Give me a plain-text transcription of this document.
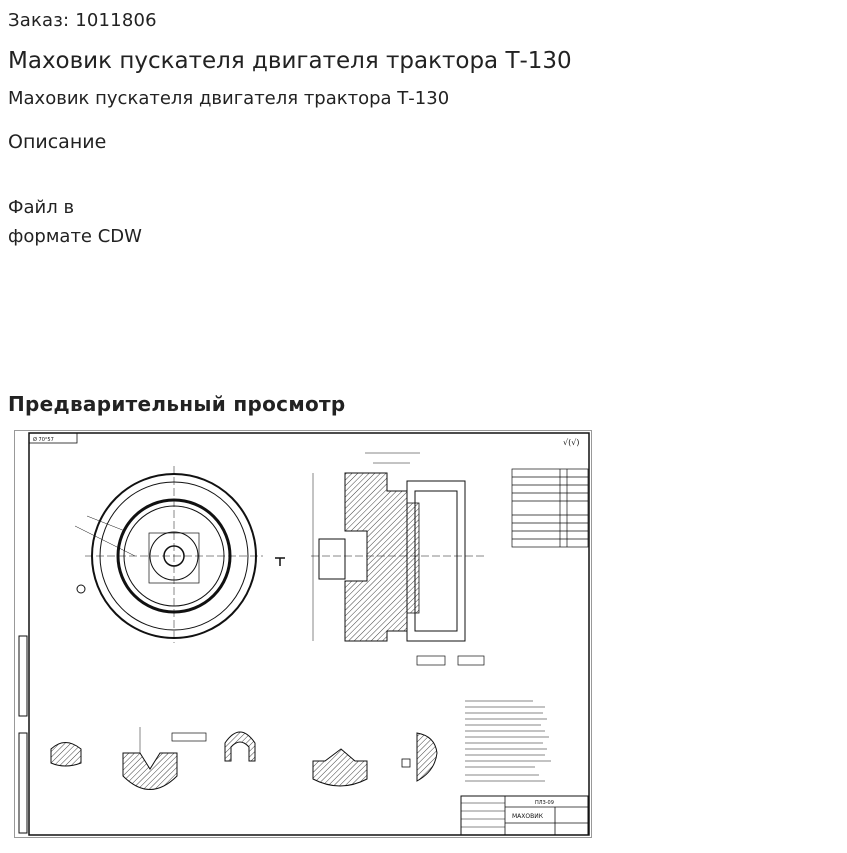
Заказ: 1011806
Маховик пускателя двигателя трактора Т-130
Маховик пускателя двигателя трактора Т-130
Описание
Файл в
формате CDW
Предварительный просмотр
Ø 70°57	√(√)
ПЛЗ-09
МАХОВИК
